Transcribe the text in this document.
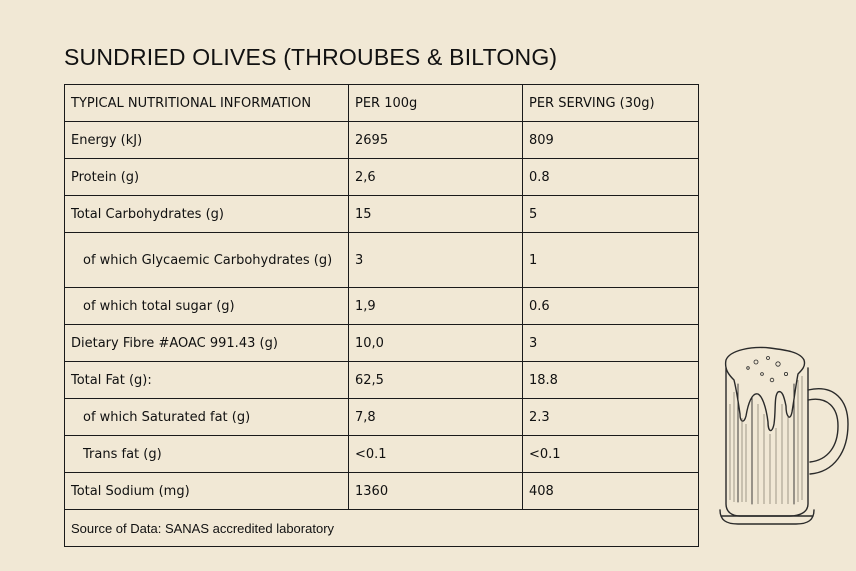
SUNDRIED OLIVES (THROUBES & BILTONG)
TYPICAL NUTRITIONAL INFORMATION	PER 100g	PER SERVING (30g)
Energy (kJ)	2695	809
Protein (g)	2,6	0.8
Total Carbohydrates (g)	15	5
of which Glycaemic Carbohydrates (g)	3	1
of which total sugar (g)	1,9	0.6
Dietary Fibre #AOAC 991.43 (g)	10,0	3
Total Fat (g):	62,5	18.8
of which Saturated fat (g)	7,8	2.3
Trans fat (g)	<0.1	<0.1
Total Sodium (mg)	1360	408
Source of Data: SANAS accredited laboratory		
